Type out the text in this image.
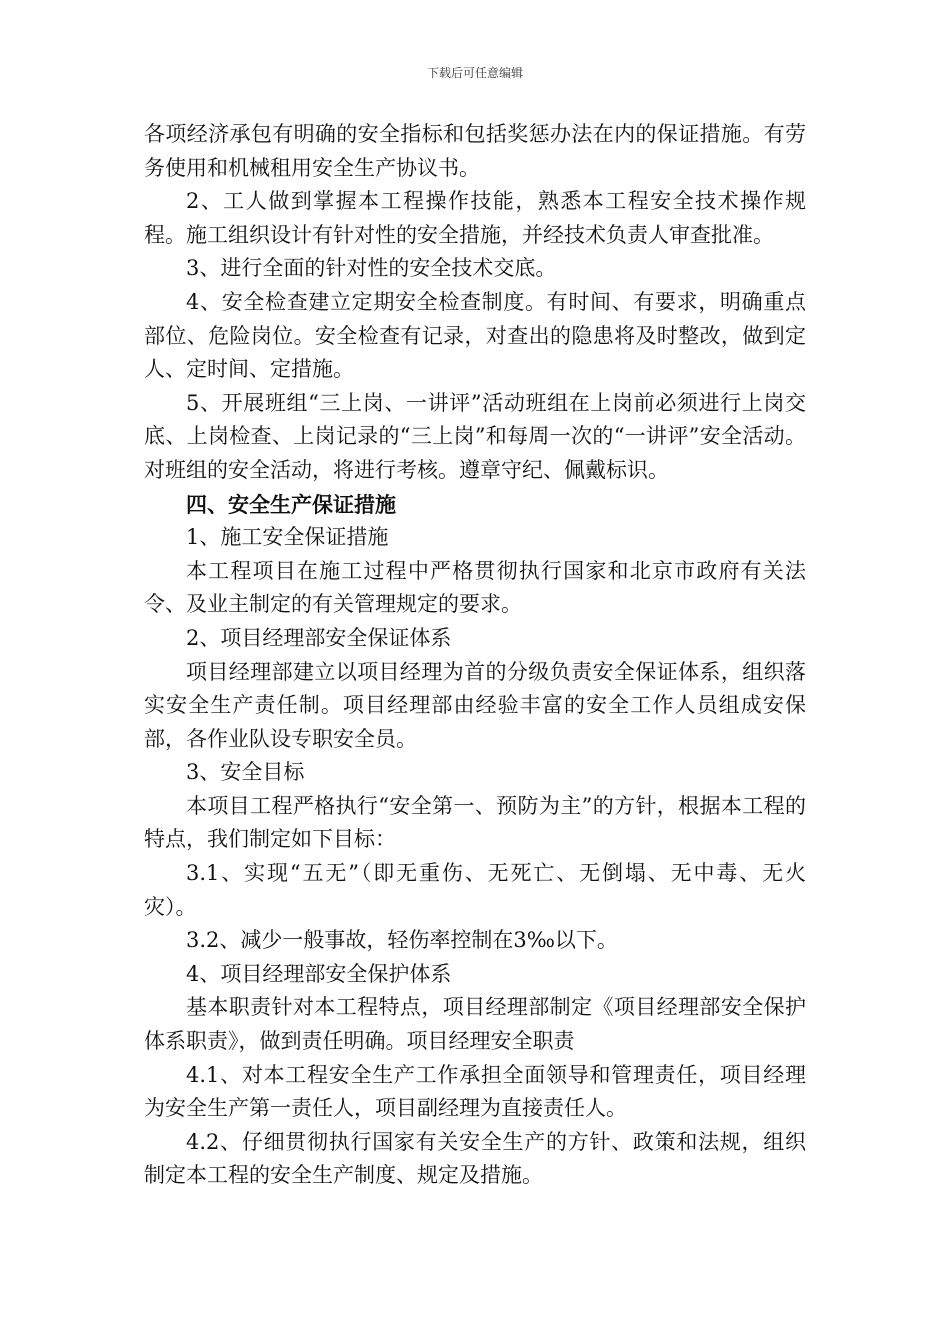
下载后可任意编辑

各项经济承包有明确的安全指标和包括奖惩办法在内的保证措施。有劳务使用和机械租用安全生产协议书。

2、工人做到掌握本工程操作技能，熟悉本工程安全技术操作规程。施工组织设计有针对性的安全措施，并经技术负责人审查批准。

3、进行全面的针对性的安全技术交底。

4、安全检查建立定期安全检查制度。有时间、有要求，明确重点部位、危险岗位。安全检查有记录，对查出的隐患将及时整改，做到定人、定时间、定措施。

5、开展班组“三上岗、一讲评”活动班组在上岗前必须进行上岗交底、上岗检查、上岗记录的“三上岗”和每周一次的“一讲评”安全活动。对班组的安全活动，将进行考核。遵章守纪、佩戴标识。

四、安全生产保证措施

1、施工安全保证措施

本工程项目在施工过程中严格贯彻执行国家和北京市政府有关法令、及业主制定的有关管理规定的要求。

2、项目经理部安全保证体系

项目经理部建立以项目经理为首的分级负责安全保证体系，组织落实安全生产责任制。项目经理部由经验丰富的安全工作人员组成安保部，各作业队设专职安全员。

3、安全目标

本项目工程严格执行“安全第一、预防为主”的方针，根据本工程的特点，我们制定如下目标：

3.1、实现“五无”（即无重伤、无死亡、无倒塌、无中毒、无火灾）。

3.2、减少一般事故，轻伤率控制在3‰以下。

4、项目经理部安全保护体系

基本职责针对本工程特点，项目经理部制定《项目经理部安全保护体系职责》，做到责任明确。项目经理安全职责

4.1、对本工程安全生产工作承担全面领导和管理责任，项目经理为安全生产第一责任人，项目副经理为直接责任人。

4.2、仔细贯彻执行国家有关安全生产的方针、政策和法规，组织制定本工程的安全生产制度、规定及措施。
